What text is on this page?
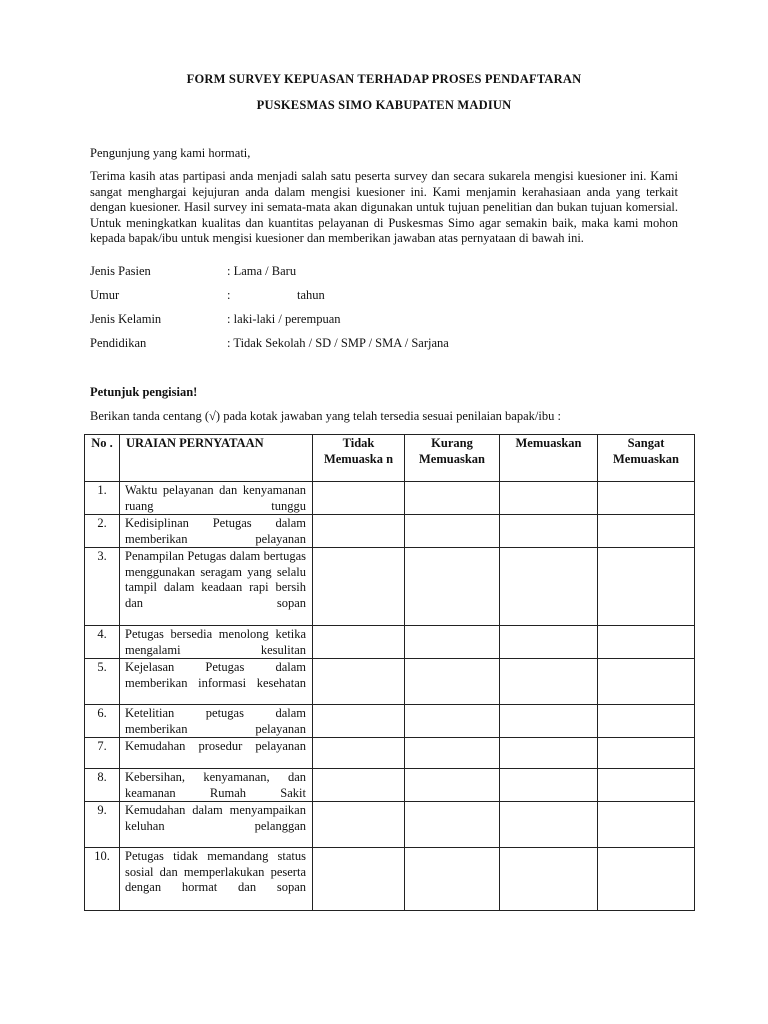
FORM SURVEY KEPUASAN TERHADAP PROSES PENDAFTARAN
PUSKESMAS SIMO KABUPATEN MADIUN
Pengunjung yang kami hormati,
Terima kasih atas partipasi anda menjadi salah satu peserta survey dan secara sukarela mengisi kuesioner ini. Kami sangat menghargai kejujuran anda dalam mengisi kuesioner ini. Kami menjamin kerahasiaan anda yang terkait dengan kuesioner. Hasil survey ini semata-mata akan digunakan untuk tujuan penelitian dan bukan tujuan komersial. Untuk meningkatkan kualitas dan kuantitas pelayanan di Puskesmas Simo agar semakin baik, maka kami mohon kepada bapak/ibu untuk mengisi kuesioner dan memberikan jawaban atas pernyataan di bawah ini.
Jenis Pasien	: Lama / Baru
Umur	:	tahun
Jenis Kelamin	: laki-laki / perempuan
Pendidikan	: Tidak Sekolah / SD / SMP / SMA / Sarjana
Petunjuk pengisian!
Berikan tanda centang (√) pada kotak jawaban yang telah tersedia sesuai penilaian bapak/ibu :
No .	URAIAN PERNYATAAN	Tidak Memuaska n	Kurang Memuaskan	Memuaskan	Sangat Memuaskan
1.	Waktu pelayanan dan kenyamanan ruang tunggu				
2.	Kedisiplinan Petugas dalam memberikan pelayanan				
3.	Penampilan Petugas dalam bertugas menggunakan seragam yang selalu tampil dalam keadaan rapi bersih dan sopan				
4.	Petugas bersedia menolong ketika mengalami kesulitan				
5.	Kejelasan Petugas dalam memberikan informasi kesehatan				
6.	Ketelitian petugas dalam memberikan pelayanan				
7.	Kemudahan prosedur pelayanan				
8.	Kebersihan, kenyamanan, dan keamanan Rumah Sakit				
9.	Kemudahan dalam menyampaikan keluhan pelanggan				
10.	Petugas tidak memandang status sosial dan memperlakukan peserta dengan hormat dan sopan				
